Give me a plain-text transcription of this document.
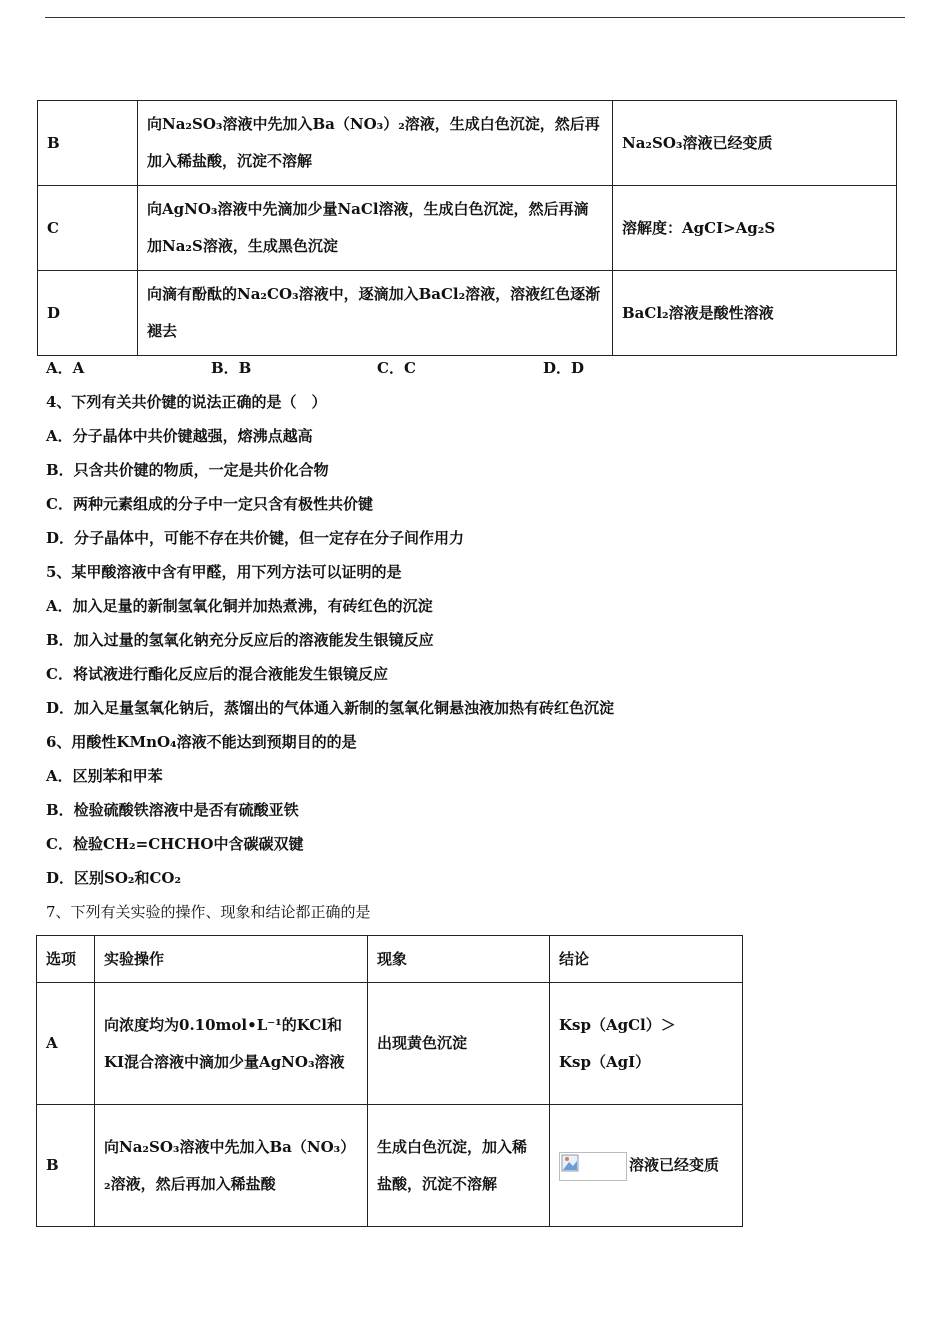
B	向Na₂SO₃溶液中先加入Ba（NO₃）₂溶液，生成白色沉淀，然后再加入稀盐酸，沉淀不溶解	Na₂SO₃溶液已经变质
C	向AgNO₃溶液中先滴加少量NaCl溶液，生成白色沉淀，然后再滴加Na₂S溶液，生成黑色沉淀	溶解度：AgCI>Ag₂S
D	向滴有酚酞的Na₂CO₃溶液中，逐滴加入BaCl₂溶液，溶液红色逐渐褪去	BaCl₂溶液是酸性溶液
A．A	B．B	C．C	D．D
4、下列有关共价键的说法正确的是（　）
A．分子晶体中共价键越强，熔沸点越高
B．只含共价键的物质，一定是共价化合物
C．两种元素组成的分子中一定只含有极性共价键
D．分子晶体中，可能不存在共价键，但一定存在分子间作用力
5、某甲酸溶液中含有甲醛，用下列方法可以证明的是
A．加入足量的新制氢氧化铜并加热煮沸，有砖红色的沉淀
B．加入过量的氢氧化钠充分反应后的溶液能发生银镜反应
C．将试液进行酯化反应后的混合液能发生银镜反应
D．加入足量氢氧化钠后，蒸馏出的气体通入新制的氢氧化铜悬浊液加热有砖红色沉淀
6、用酸性KMnO₄溶液不能达到预期目的的是
A．区别苯和甲苯
B．检验硫酸铁溶液中是否有硫酸亚铁
C．检验CH₂=CHCHO中含碳碳双键
D．区别SO₂和CO₂
7、下列有关实验的操作、现象和结论都正确的是
选项	实验操作	现象	结论
A	向浓度均为0.10mol•L⁻¹的KCl和KI混合溶液中滴加少量AgNO₃溶液	出现黄色沉淀	Ksp（AgCl）＞
Ksp（AgI）

B	向Na₂SO₃溶液中先加入Ba（NO₃）₂溶液，然后再加入稀盐酸	生成白色沉淀，加入稀盐酸，沉淀不溶解	溶液已经变质
